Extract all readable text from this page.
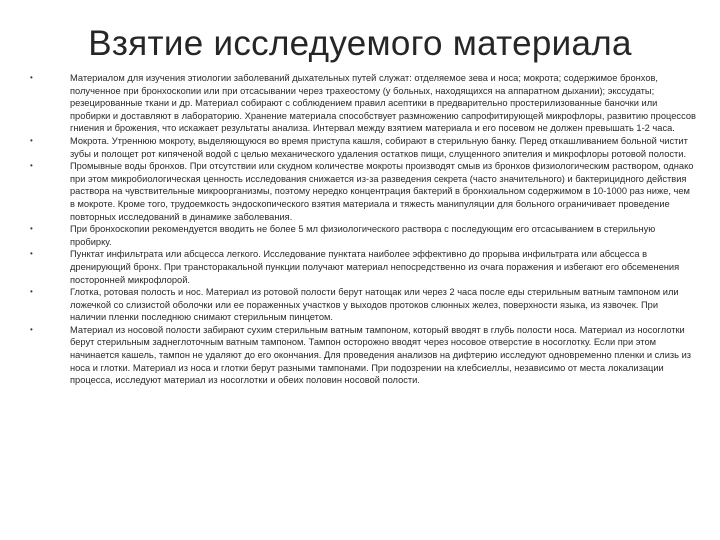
Взятие исследуемого материала
•	Материалом для изучения этиологии заболеваний дыхательных путей служат: отделяемое зева и носа; мокрота; содержимое бронхов, полученное при бронхоскопии или при отсасывании через трахеостому (у больных, находящихся на аппаратном дыхании); экссудаты; резецированные ткани и др. Материал собирают с соблюдением правил асептики в предварительно простерилизованные баночки или пробирки и доставляют в лабораторию. Хранение материала способствует размножению сапрофитирующей микрофлоры, развитию процессов гниения и брожения, что искажает результаты анализа. Интервал между взятием материала и его посевом не должен превышать 1-2 часа.
•	Мокрота. Утреннюю мокроту, выделяющуюся во время приступа кашля, собирают в стерильную банку. Перед откашливанием больной чистит зубы и полощет рот кипяченой водой с целью механического удаления остатков пищи, слущенного эпителия и микрофлоры ротовой полости.
•	Промывные воды бронхов. При отсутствии или скудном количестве мокроты производят смыв из бронхов физиологическим раствором, однако при этом микробиологическая ценность исследования снижается из-за разведения секрета (часто значительного) и бактерицидного действия раствора на чувствительные микроорганизмы, поэтому нередко концентрация бактерий в бронхиальном содержимом в 10-1000 раз ниже, чем в мокроте. Кроме того, трудоемкость эндоскопического взятия материала и тяжесть манипуляции для больного ограничивает проведение повторных исследований в динамике заболевания.
•	При бронхоскопии рекомендуется вводить не более 5 мл физиологического раствора с последующим его отсасыванием в стерильную пробирку.
•	Пунктат инфильтрата или абсцесса легкого. Исследование пунктата наиболее эффективно до прорыва инфильтрата или абсцесса в дренирующий бронх. При трансторакальной пункции получают материал непосредственно из очага поражения и избегают его обсеменения посторонней микрофлорой.
•	Глотка, ротовая полость и нос. Материал из ротовой полости берут натощак или через 2 часа после еды стерильным ватным тампоном или ложечкой со слизистой оболочки или ее пораженных участков у выходов протоков слюнных желез, поверхности языка, из язвочек. При наличии пленки последнюю снимают стерильным пинцетом.
•	Материал из носовой полости забирают сухим стерильным ватным тампоном, который вводят в глубь полости носа. Материал из носоглотки берут стерильным заднеглоточным ватным тампоном. Тампон осторожно вводят через носовое отверстие в носоглотку. Если при этом начинается кашель, тампон не удаляют до его окончания. Для проведения анализов на дифтерию исследуют одновременно пленки и слизь из носа и глотки. Материал из носа и глотки берут разными тампонами. При подозрении на клебсиеллы, независимо от места локализации процесса, исследуют материал из носоглотки и обеих половин носовой полости.
